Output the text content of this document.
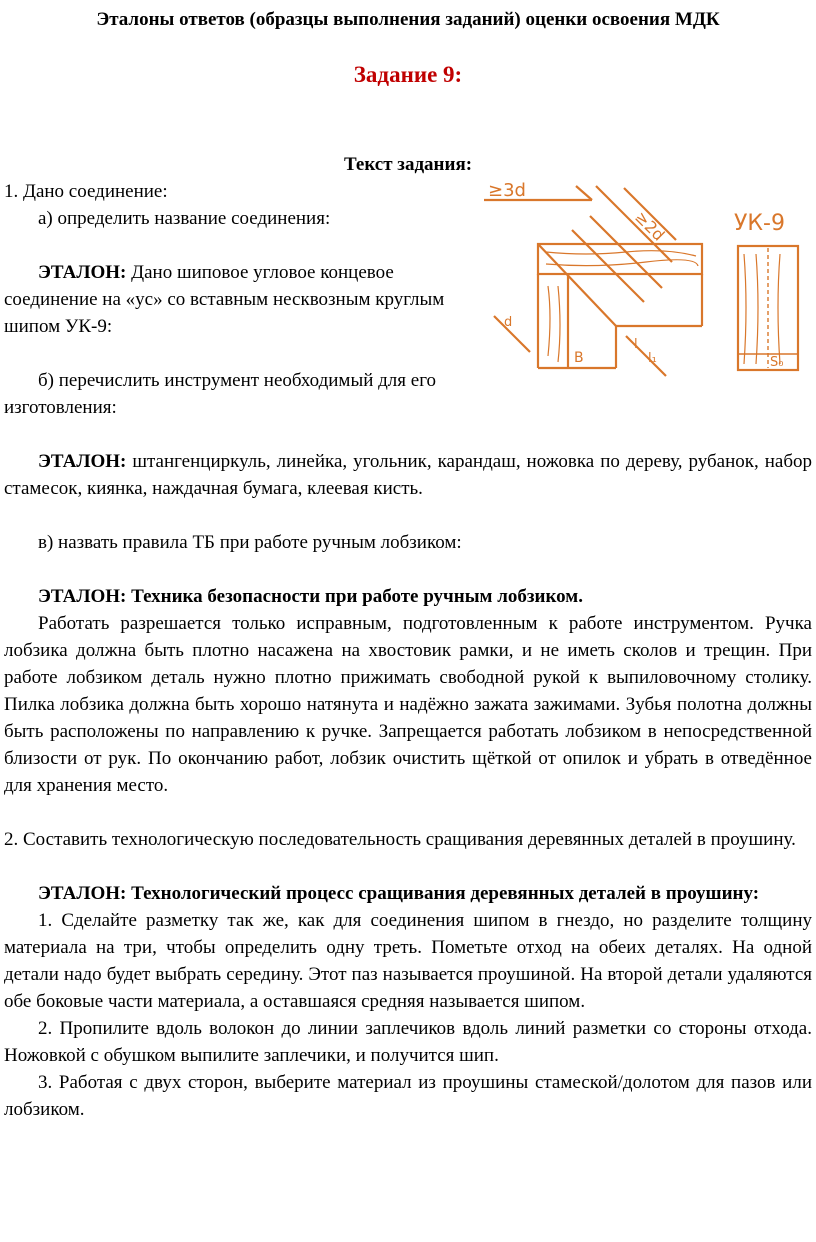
Эталоны ответов (образцы выполнения заданий) оценки освоения МДК
Задание 9:
Текст задания:

1. Дано соединение:

а) определить название соединения:

ЭТАЛОН: Дано шиповое угловое концевое соединение на «ус» со вставным несквозным круглым шипом УК-9:

б) перечислить инструмент необходимый для его изготовления:

≥3d
≥2d	УК-9
В	S₀
l
l₁
d

ЭТАЛОН: штангенциркуль, линейка, угольник, карандаш, ножовка по дереву, рубанок, набор стамесок, киянка, наждачная бумага, клеевая кисть.

в) назвать правила ТБ при работе ручным лобзиком:

ЭТАЛОН: Техника безопасности при работе ручным лобзиком.

Работать разрешается только исправным, подготовленным к работе инструментом. Ручка лобзика должна быть плотно насажена на хвостовик рамки, и не иметь сколов и трещин. При работе лобзиком деталь нужно плотно прижимать свободной рукой к выпиловочному столику. Пилка лобзика должна быть хорошо натянута и надёжно зажата зажимами. Зубья полотна должны быть расположены по направлению к ручке. Запрещается работать лобзиком в непосредственной близости от рук. По окончанию работ, лобзик очистить щёткой от опилок и убрать в отведённое для хранения место.

2. Составить технологическую последовательность сращивания деревянных деталей в проушину.

ЭТАЛОН: Технологический процесс сращивания деревянных деталей в проушину:

1. Сделайте разметку так же, как для соединения шипом в гнездо, но разделите толщину материала на три, чтобы определить одну треть. Пометьте отход на обеих деталях. На одной детали надо будет выбрать середину. Этот паз называется проушиной. На второй детали удаляются обе боковые части материала, а оставшаяся средняя называется шипом.

2. Пропилите вдоль волокон до линии заплечиков вдоль линий разметки со стороны отхода. Ножовкой с обушком выпилите заплечики, и получится шип.

3. Работая с двух сторон, выберите материал из проушины стамеской/долотом для пазов или лобзиком.
